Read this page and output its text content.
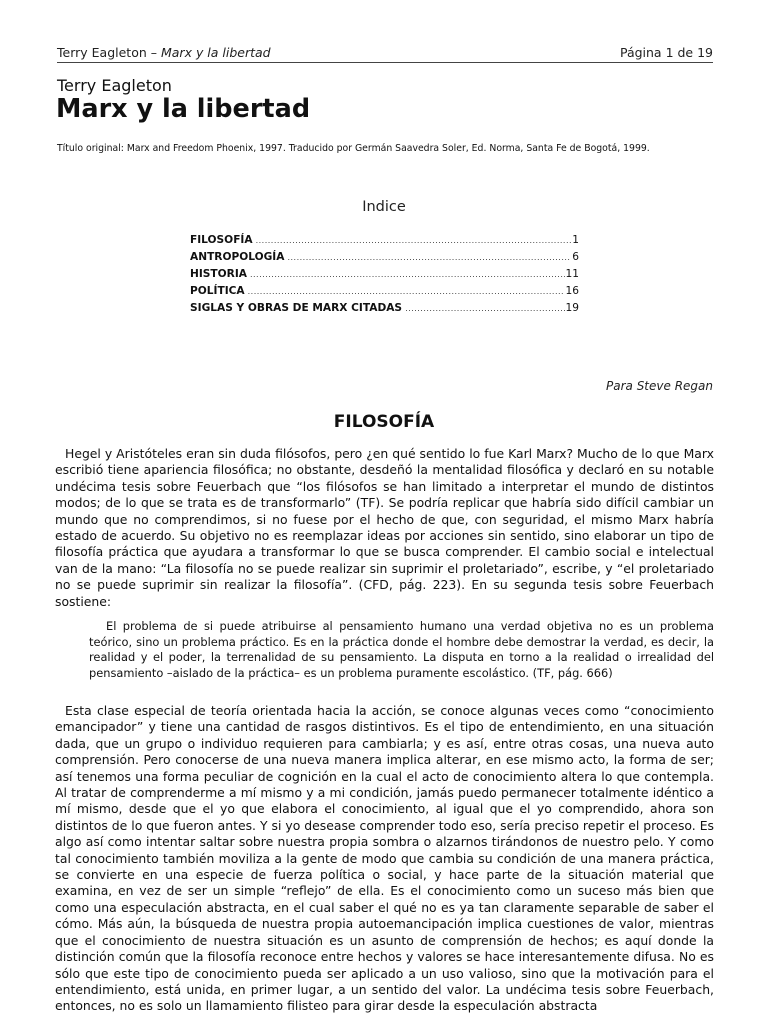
Terry Eagleton – Marx y la libertad	Página 1 de 19
Terry Eagleton
Marx y la libertad
Título original: Marx and Freedom Phoenix, 1997. Traducido por Germán Saavedra Soler, Ed. Norma, Santa Fe de Bogotá, 1999.
Indice
FILOSOFÍA .....	1
ANTROPOLOGÍA .....	6
HISTORIA .....	11
POLÍTICA .....	16
SIGLAS Y OBRAS DE MARX CITADAS .....	19
Para Steve Regan
FILOSOFÍA

Hegel y Aristóteles eran sin duda filósofos, pero ¿en qué sentido lo fue Karl Marx? Mucho de lo que Marx escribió tiene apariencia filosófica; no obstante, desdeñó la mentalidad filosófica y declaró en su notable undécima tesis sobre Feuerbach que “los filósofos se han limitado a interpretar el mundo de distintos modos; de lo que se trata es de transformarlo” (TF). Se podría replicar que habría sido difícil cambiar un mundo que no comprendimos, si no fuese por el hecho de que, con seguridad, el mismo Marx habría estado de acuerdo. Su objetivo no es reemplazar ideas por acciones sin sentido, sino elaborar un tipo de filosofía práctica que ayudara a transformar lo que se busca comprender. El cambio social e intelectual van de la mano: “La filosofía no se puede realizar sin suprimir el proletariado”, escribe, y “el proletariado no se puede suprimir sin realizar la filosofía”. (CFD, pág. 223). En su segunda tesis sobre Feuerbach sostiene:

El problema de si puede atribuirse al pensamiento humano una verdad objetiva no es un problema teórico, sino un problema práctico. Es en la práctica donde el hombre debe demostrar la verdad, es decir, la realidad y el poder, la terrenalidad de su pensamiento. La disputa en torno a la realidad o irrealidad del pensamiento –aislado de la práctica– es un problema puramente escolástico. (TF, pág. 666)

Esta clase especial de teoría orientada hacia la acción, se conoce algunas veces como “conocimiento emancipador” y tiene una cantidad de rasgos distintivos. Es el tipo de entendimiento, en una situación dada, que un grupo o individuo requieren para cambiarla; y es así, entre otras cosas, una nueva auto comprensión. Pero conocerse de una nueva manera implica alterar, en ese mismo acto, la forma de ser; así tenemos una forma peculiar de cognición en la cual el acto de conocimiento altera lo que contempla. Al tratar de comprenderme a mí mismo y a mi condición, jamás puedo permanecer totalmente idéntico a mí mismo, desde que el yo que elabora el conocimiento, al igual que el yo comprendido, ahora son distintos de lo que fueron antes. Y si yo desease comprender todo eso, sería preciso repetir el proceso. Es algo así como intentar saltar sobre nuestra propia sombra o alzarnos tirándonos de nuestro pelo. Y como tal conocimiento también moviliza a la gente de modo que cambia su condición de una manera práctica, se convierte en una especie de fuerza política o social, y hace parte de la situación material que examina, en vez de ser un simple “reflejo” de ella. Es el conocimiento como un suceso más bien que como una especulación abstracta, en el cual saber el qué no es ya tan claramente separable de saber el cómo. Más aún, la búsqueda de nuestra propia autoemancipación implica cuestiones de valor, mientras que el conocimiento de nuestra situación es un asunto de comprensión de hechos; es aquí donde la distinción común que la filosofía reconoce entre hechos y valores se hace interesantemente difusa. No es sólo que este tipo de conocimiento pueda ser aplicado a un uso valioso, sino que la motivación para el entendimiento, está unida, en primer lugar, a un sentido del valor. La undécima tesis sobre Feuerbach, entonces, no es solo un llamamiento filisteo para girar desde la especulación abstracta
